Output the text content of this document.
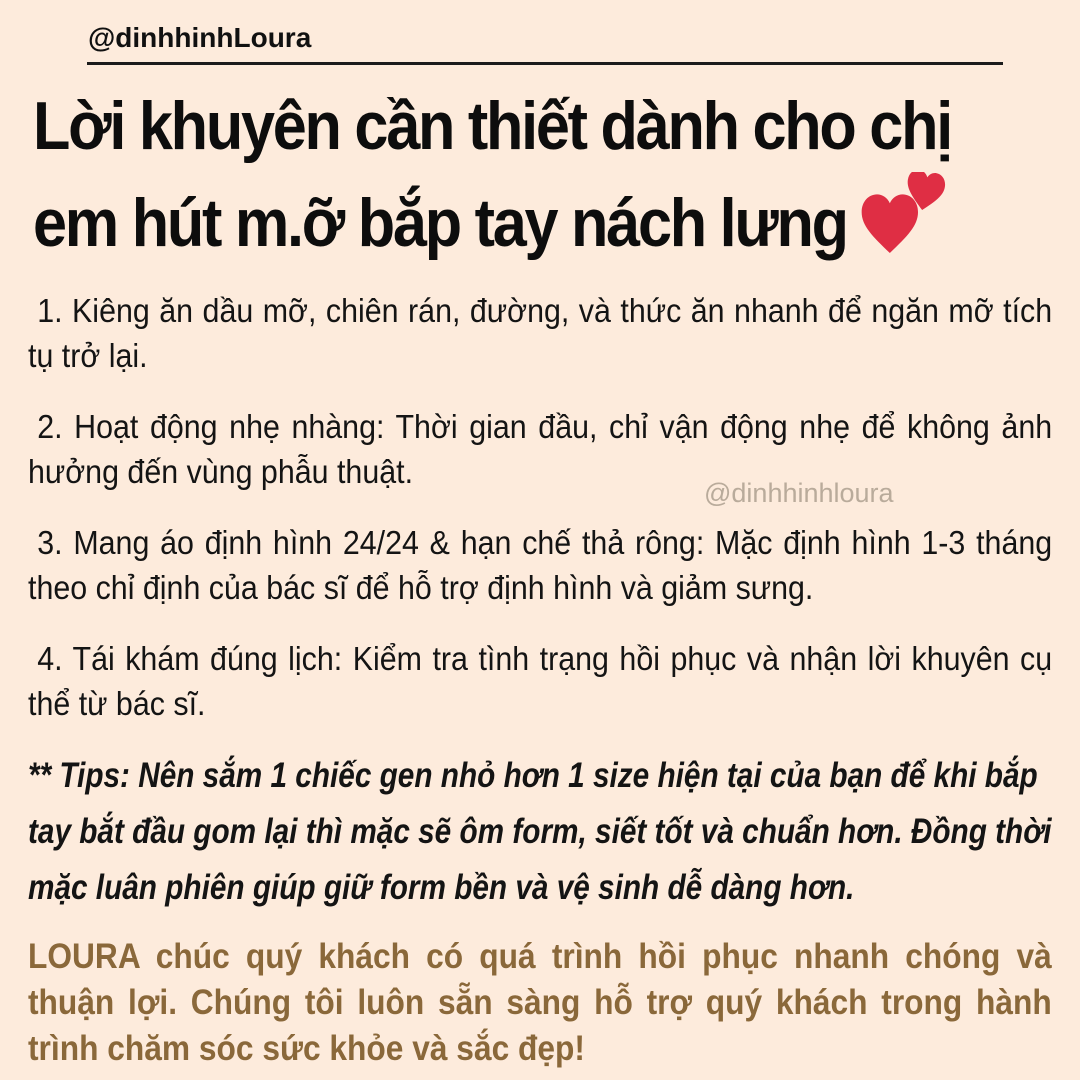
@dinhhinhLoura
Lời khuyên cần thiết dành cho chị
em hút m.ỡ bắp tay nách lưng

1. Kiêng ăn dầu mỡ, chiên rán, đường, và thức ăn nhanh để ngăn mỡ tích tụ trở lại.

2. Hoạt động nhẹ nhàng: Thời gian đầu, chỉ vận động nhẹ để không ảnh hưởng đến vùng phẫu thuật.

3. Mang áo định hình 24/24 & hạn chế thả rông: Mặc định hình 1-3 tháng theo chỉ định của bác sĩ để hỗ trợ định hình và giảm sưng.

4. Tái khám đúng lịch: Kiểm tra tình trạng hồi phục và nhận lời khuyên cụ thể từ bác sĩ.

@dinhhinhloura
** Tips: Nên sắm 1 chiếc gen nhỏ hơn 1 size hiện tại của bạn để khi bắp tay bắt đầu gom lại thì mặc sẽ ôm form, siết tốt và chuẩn hơn. Đồng thời mặc luân phiên giúp giữ form bền và vệ sinh dễ dàng hơn.
LOURA chúc quý khách có quá trình hồi phục nhanh chóng và thuận lợi. Chúng tôi luôn sẵn sàng hỗ trợ quý khách trong hành trình chăm sóc sức khỏe và sắc đẹp!
